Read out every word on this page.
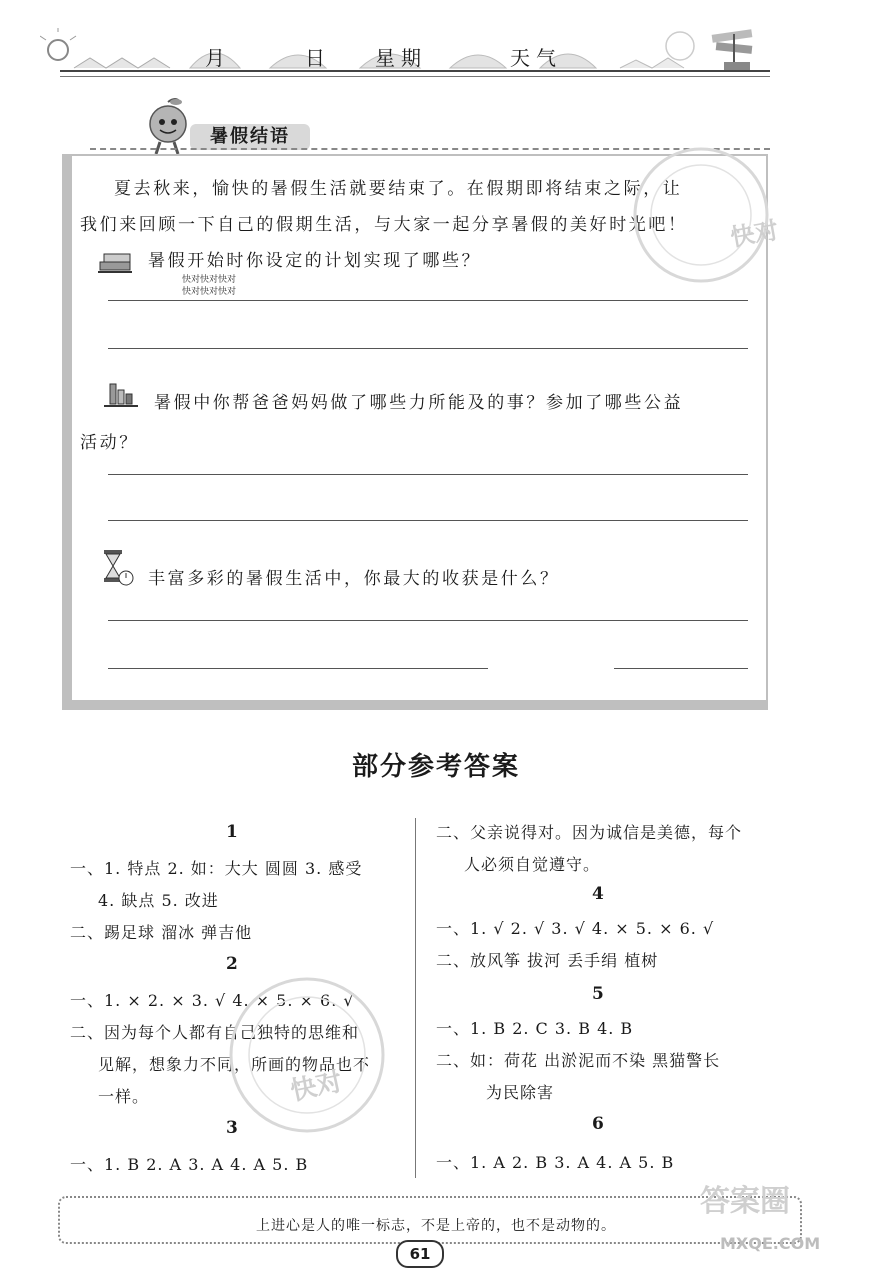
月	日 星期	天气
暑假结语
夏去秋来，愉快的暑假生活就要结束了。在假期即将结束之际，让
我们来回顾一下自己的假期生活，与大家一起分享暑假的美好时光吧！
暑假开始时你设定的计划实现了哪些？
快对快对快对
快对快对快对
暑假中你帮爸爸妈妈做了哪些力所能及的事？参加了哪些公益
活动？
丰富多彩的暑假生活中，你最大的收获是什么？
快对
部分参考答案
1
一、1. 特点 2. 如：大大 圆圆 3. 感受
4. 缺点 5. 改进
二、踢足球 溜冰 弹吉他
2
一、1. × 2. × 3. √ 4. × 5. × 6. √
二、因为每个人都有自己独特的思维和
见解，想象力不同，所画的物品也不
一样。
3
一、1. B 2. A 3. A 4. A 5. B
快对
二、父亲说得对。因为诚信是美德，每个
人必须自觉遵守。
4
一、1. √ 2. √ 3. √ 4. × 5. × 6. √
二、放风筝 拔河 丢手绢 植树
5
一、1. B 2. C 3. B 4. B
二、如：荷花 出淤泥而不染 黑猫警长
为民除害
6
一、1. A 2. B 3. A 4. A 5. B
上进心是人的唯一标志，不是上帝的，也不是动物的。
61
答案圈
MXQE.COM
